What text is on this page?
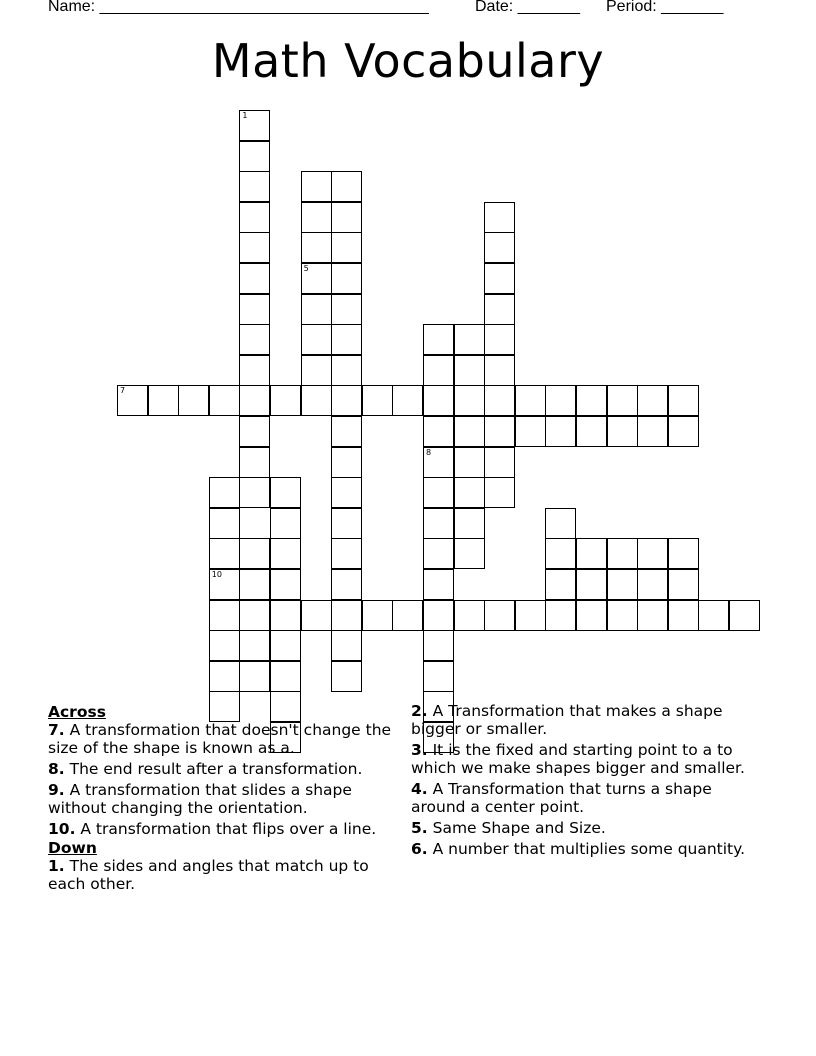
Name: _____________________________________	Date: _______ Period: _______
Math Vocabulary
1
5
8
7
10
Across
7. A transformation that doesn't change the size of the shape is known as a.
8. The end result after a transformation.
9. A transformation that slides a shape without changing the orientation.
10. A transformation that flips over a line.
Down
1. The sides and angles that match up to each other.
2. A Transformation that makes a shape bigger or smaller.
3. It is the fixed and starting point to a to which we make shapes bigger and smaller.
4. A Transformation that turns a shape around a center point.
5. Same Shape and Size.
6. A number that multiplies some quantity.
